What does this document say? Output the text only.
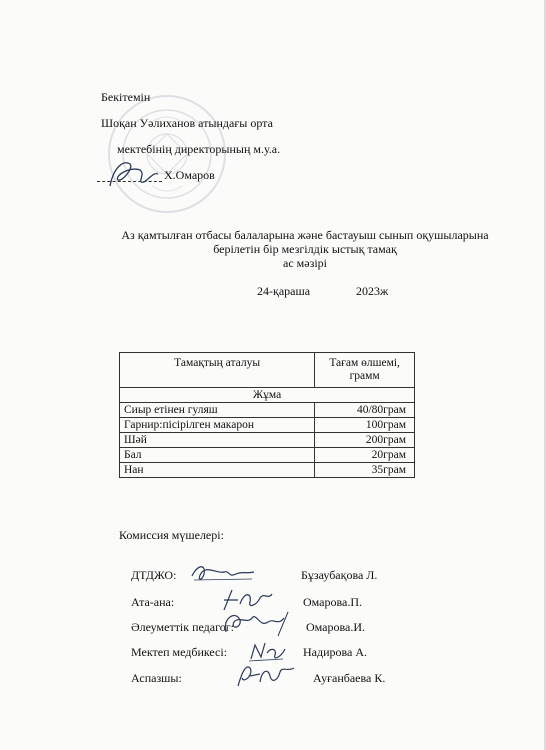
Бекітемін
Шоқан Уәлиханов атындағы орта
мектебінің директорының м.у.а.
Х.Омаров
Аз қамтылған отбасы балаларына және бастауыш сынып оқушыларына
берілетін бір мезгілдік ыстық тамақ
ас мәзірі
24-қараша	2023ж
Тамақтың аталуы	Тағам өлшемі, грамм
Жұма	
Сиыр етінен гуляш	40/80грам
Гарнир:пісірілген макарон	100грам
Шәй	200грам
Бал	20грам
Нан	35грам
Комиссия мүшелері:
ДТДЖО:	Бұзаубақова Л.
Ата-ана:	Омарова.П.
Әлеуметтік педагог:	Омарова.И.
Мектеп медбикесі:	Надирова А.
Аспазшы:	Ауғанбаева К.
